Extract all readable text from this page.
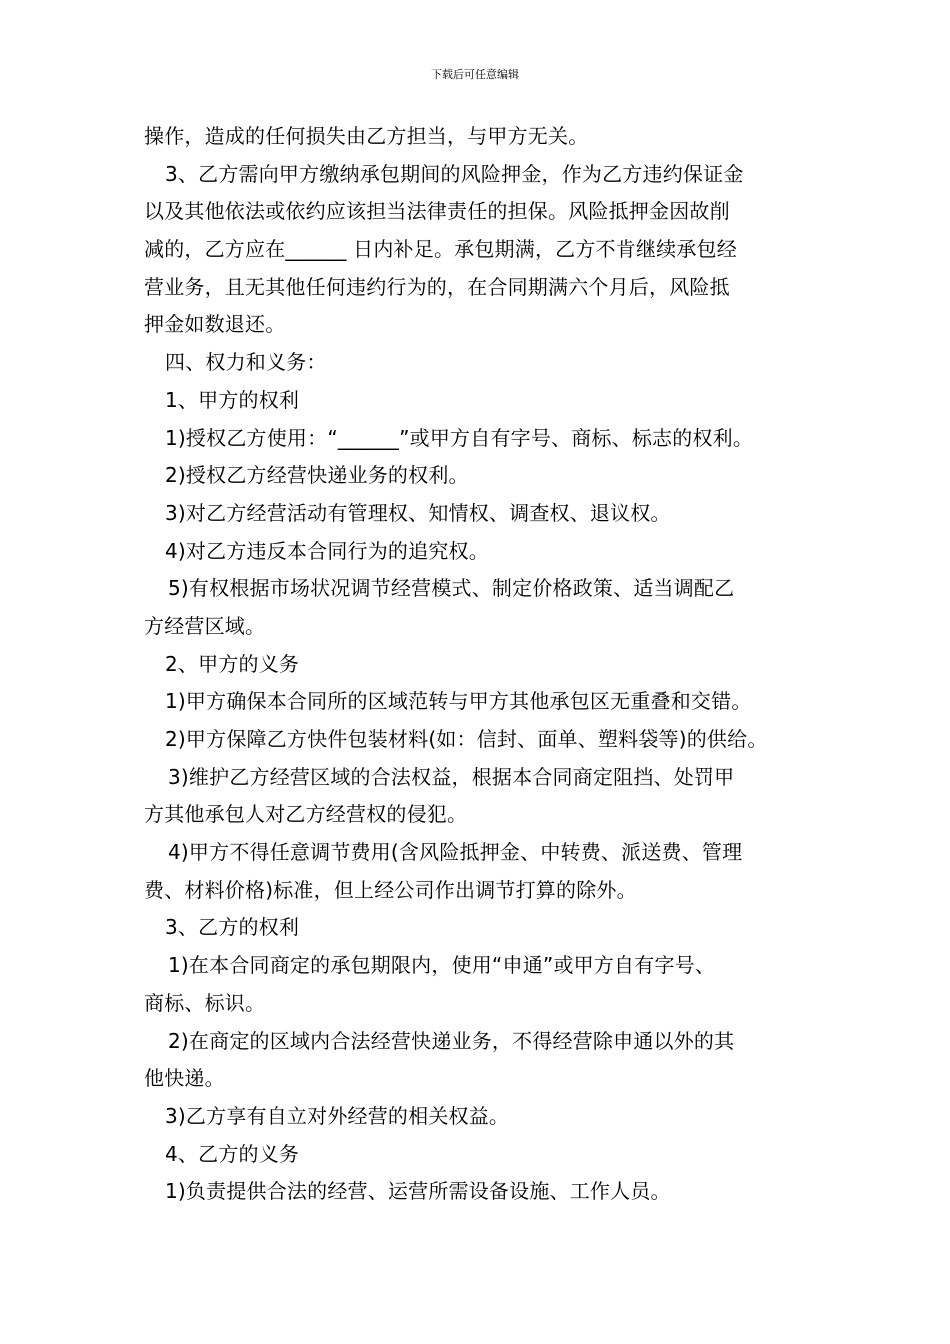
下载后可任意编辑
操作，造成的任何损失由乙方担当，与甲方无关。
3、乙方需向甲方缴纳承包期间的风险押金，作为乙方违约保证金
以及其他依法或依约应该担当法律责任的担保。风险抵押金因故削
减的，乙方应在______ 日内补足。承包期满，乙方不肯继续承包经
营业务，且无其他任何违约行为的，在合同期满六个月后，风险抵
押金如数退还。
四、权力和义务：
1、甲方的权利
1)授权乙方使用：“______”或甲方自有字号、商标、标志的权利。
2)授权乙方经营快递业务的权利。
3)对乙方经营活动有管理权、知情权、调查权、退议权。
4)对乙方违反本合同行为的追究权。
5)有权根据市场状况调节经营模式、制定价格政策、适当调配乙
方经营区域。
2、甲方的义务
1)甲方确保本合同所的区域范转与甲方其他承包区无重叠和交错。
2)甲方保障乙方快件包装材料(如：信封、面单、塑料袋等)的供给。
3)维护乙方经营区域的合法权益，根据本合同商定阻挡、处罚甲
方其他承包人对乙方经营权的侵犯。
4)甲方不得任意调节费用(含风险抵押金、中转费、派送费、管理
费、材料价格)标准，但上经公司作出调节打算的除外。
3、乙方的权利
1)在本合同商定的承包期限内，使用“申通”或甲方自有字号、
商标、标识。
2)在商定的区域内合法经营快递业务，不得经营除申通以外的其
他快递。
3)乙方享有自立对外经营的相关权益。
4、乙方的义务
1)负责提供合法的经营、运营所需设备设施、工作人员。
